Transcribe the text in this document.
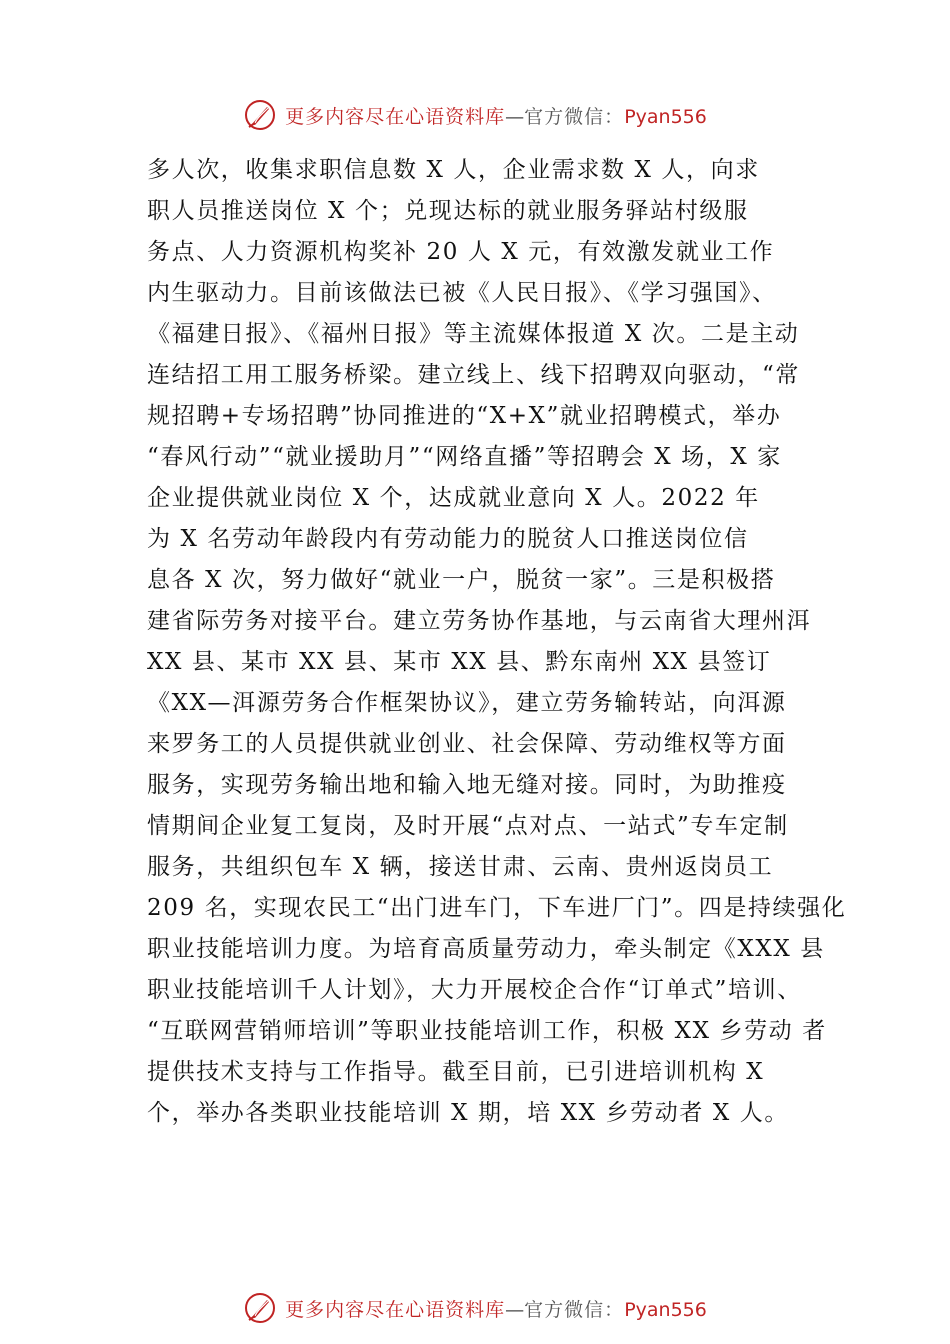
更多内容尽在心语资料库—官方微信：Pyan556
多人次，收集求职信息数 X 人，企业需求数 X 人，向求
职人员推送岗位 X 个；兑现达标的就业服务驿站村级服
务点、人力资源机构奖补 20 人 X 元，有效激发就业工作
内生驱动力。目前该做法已被《人民日报》、《学习强国》、
《福建日报》、《福州日报》等主流媒体报道 X 次。二是主动
连结招工用工服务桥梁。建立线上、线下招聘双向驱动，“常
规招聘+专场招聘”协同推进的“X+X”就业招聘模式，举办
“春风行动”“就业援助月”“网络直播”等招聘会 X 场，X 家
企业提供就业岗位 X 个，达成就业意向 X 人。2022 年
为 X 名劳动年龄段内有劳动能力的脱贫人口推送岗位信
息各 X 次，努力做好“就业一户，脱贫一家”。三是积极搭
建省际劳务对接平台。建立劳务协作基地，与云南省大理州洱
XX 县、某市 XX 县、某市 XX 县、黔东南州 XX 县签订
《XX—洱源劳务合作框架协议》，建立劳务输转站，向洱源
来罗务工的人员提供就业创业、社会保障、劳动维权等方面
服务，实现劳务输出地和输入地无缝对接。同时，为助推疫
情期间企业复工复岗，及时开展“点对点、一站式”专车定制
服务，共组织包车 X 辆，接送甘肃、云南、贵州返岗员工
209 名，实现农民工“出门进车门，下车进厂门”。四是持续强化
职业技能培训力度。为培育高质量劳动力，牵头制定《XXX 县
职业技能培训千人计划》，大力开展校企合作“订单式”培训、
“互联网营销师培训”等职业技能培训工作，积极 XX 乡劳动 者
提供技术支持与工作指导。截至目前，已引进培训机构 X
个，举办各类职业技能培训 X 期，培 XX 乡劳动者 X 人。
更多内容尽在心语资料库—官方微信：Pyan556
